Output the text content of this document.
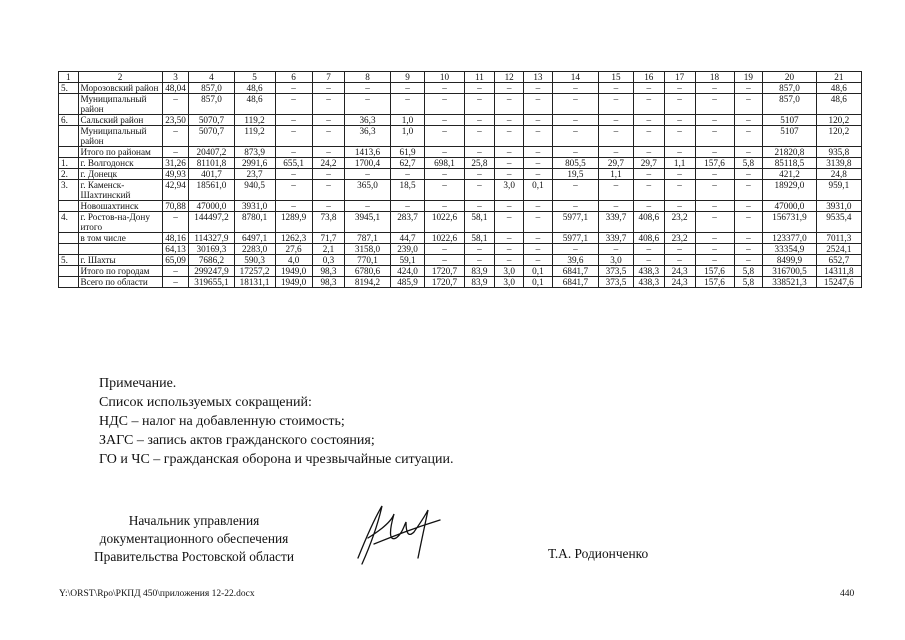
1	2	3	4	5	6	7	8	9	10	11	12	13	14	15	16	17	18	19	20	21
5.	Морозовский район	48,04	857,0	48,6	–	–	–	–	–	–	–	–	–	–	–	–	–	–	857,0	48,6
	Муниципальный район	–	857,0	48,6	–	–	–	–	–	–	–	–	–	–	–	–	–	–	857,0	48,6
6.	Сальский район	23,50	5070,7	119,2	–	–	36,3	1,0	–	–	–	–	–	–	–	–	–	–	5107	120,2
	Муниципальный район	–	5070,7	119,2	–	–	36,3	1,0	–	–	–	–	–	–	–	–	–	–	5107	120,2
	Итого по районам	–	20407,2	873,9	–	–	1413,6	61,9	–	–	–	–	–	–	–	–	–	–	21820,8	935,8
1.	г. Волгодонск	31,26	81101,8	2991,6	655,1	24,2	1700,4	62,7	698,1	25,8	–	–	805,5	29,7	29,7	1,1	157,6	5,8	85118,5	3139,8
2.	г. Донецк	49,93	401,7	23,7	–	–	–	–	–	–	–	–	19,5	1,1	–	–	–	–	421,2	24,8
3.	г. Каменск-Шахтинский	42,94	18561,0	940,5	–	–	365,0	18,5	–	–	3,0	0,1	–	–	–	–	–	–	18929,0	959,1
	Новошахтинск	70,88	47000,0	3931,0	–	–	–	–	–	–	–	–	–	–	–	–	–	–	47000,0	3931,0
4.	г. Ростов-на-Дону итого	–	144497,2	8780,1	1289,9	73,8	3945,1	283,7	1022,6	58,1	–	–	5977,1	339,7	408,6	23,2	–	–	156731,9	9535,4
	в том числе	48,16	114327,9	6497,1	1262,3	71,7	787,1	44,7	1022,6	58,1	–	–	5977,1	339,7	408,6	23,2	–	–	123377,0	7011,3
		64,13	30169,3	2283,0	27,6	2,1	3158,0	239,0	–	–	–	–	–	–	–	–	–	–	33354,9	2524,1
5.	г. Шахты	65,09	7686,2	590,3	4,0	0,3	770,1	59,1	–	–	–	–	39,6	3,0	–	–	–	–	8499,9	652,7
	Итого по городам	–	299247,9	17257,2	1949,0	98,3	6780,6	424,0	1720,7	83,9	3,0	0,1	6841,7	373,5	438,3	24,3	157,6	5,8	316700,5	14311,8
	Всего по области	–	319655,1	18131,1	1949,0	98,3	8194,2	485,9	1720,7	83,9	3,0	0,1	6841,7	373,5	438,3	24,3	157,6	5,8	338521,3	15247,6
Примечание.
Список используемых сокращений:
НДС – налог на добавленную стоимость;
ЗАГС – запись актов гражданского состояния;
ГО и ЧС – гражданская оборона и чрезвычайные ситуации.
Начальник управления
документационного обеспечения
Правительства Ростовской области	Т.А. Родионченко
Y:\ORST\Rpo\РКПД 450\приложения 12-22.docx	440
